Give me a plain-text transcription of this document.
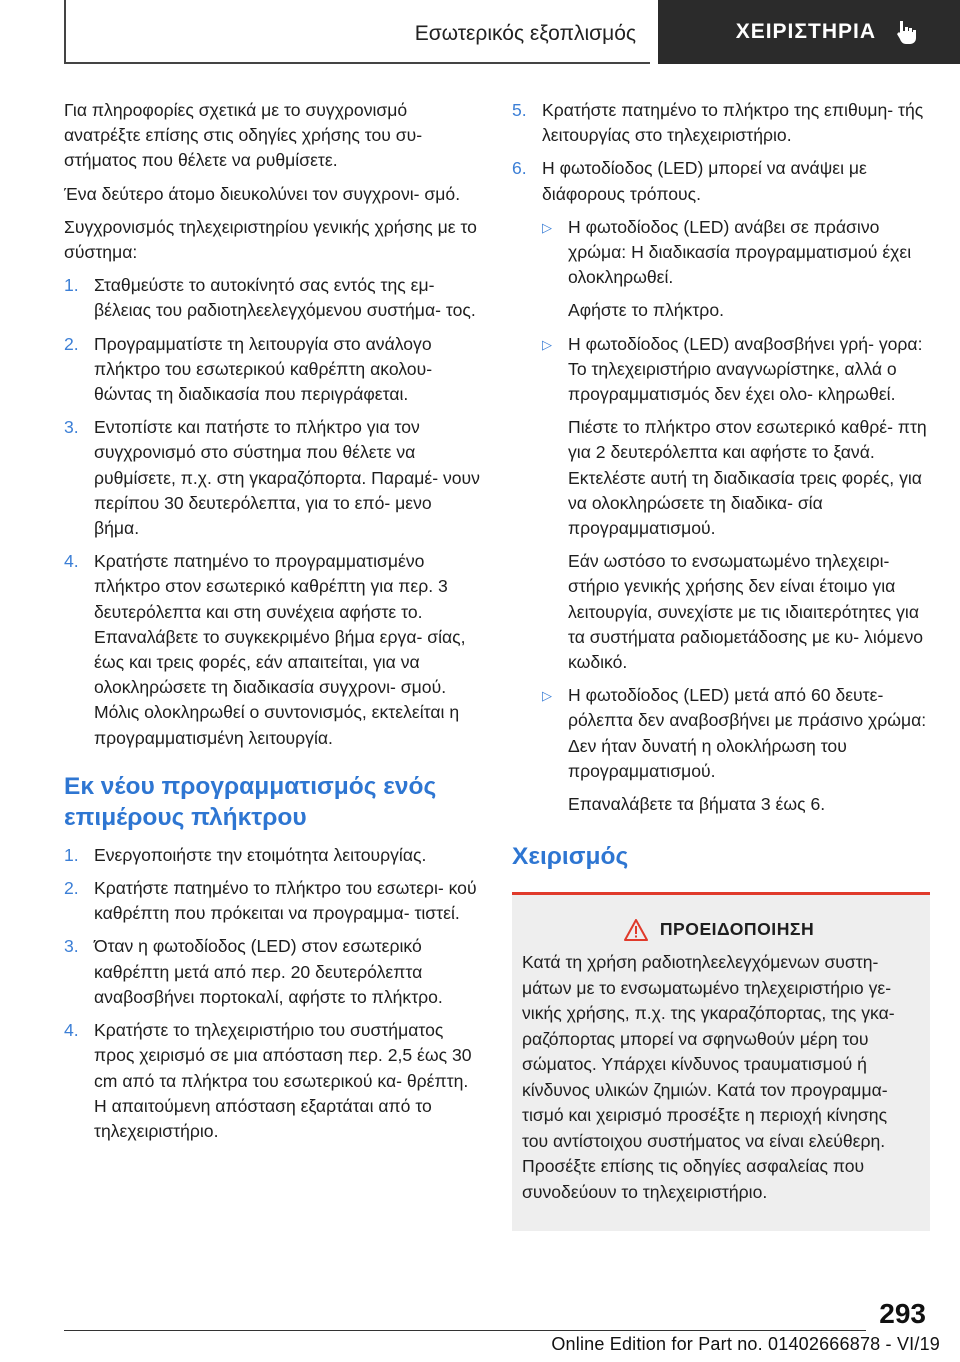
Εσωτερικός εξοπλισμός	ΧΕΙΡΙΣΤΗΡΙΑ

Για πληροφορίες σχετικά με το συγχρονισμό ανατρέξτε επίσης στις οδηγίες χρήσης του συ- στήματος που θέλετε να ρυθμίσετε.

Ένα δεύτερο άτομο διευκολύνει τον συγχρονι- σμό.

Συγχρονισμός τηλεχειριστηρίου γενικής χρήσης με το σύστημα:

1. Σταθμεύστε το αυτοκίνητό σας εντός της εμ- βέλειας του ραδιοτηλεελεγχόμενου συστήμα- τος.
2. Προγραμματίστε τη λειτουργία στο ανάλογο πλήκτρο του εσωτερικού καθρέπτη ακολου- θώντας τη διαδικασία που περιγράφεται.
3. Εντοπίστε και πατήστε το πλήκτρο για τον συγχρονισμό στο σύστημα που θέλετε να ρυθμίσετε, π.χ. στη γκαραζόπορτα. Παραμέ- νουν περίπου 30 δευτερόλεπτα, για το επό- μενο βήμα.
4. Κρατήστε πατημένο το προγραμματισμένο πλήκτρο στον εσωτερικό καθρέπτη για περ. 3 δευτερόλεπτα και στη συνέχεια αφήστε το. Επαναλάβετε το συγκεκριμένο βήμα εργα- σίας, έως και τρεις φορές, εάν απαιτείται, για να ολοκληρώσετε τη διαδικασία συγχρονι- σμού. Μόλις ολοκληρωθεί ο συντονισμός, εκτελείται η προγραμματισμένη λειτουργία.
Εκ νέου προγραμματισμός ενός επιμέρους πλήκτρου
1. Ενεργοποιήστε την ετοιμότητα λειτουργίας.
2. Κρατήστε πατημένο το πλήκτρο του εσωτερι- κού καθρέπτη που πρόκειται να προγραμμα- τιστεί.
3. Όταν η φωτοδίοδος (LED) στον εσωτερικό καθρέπτη μετά από περ. 20 δευτερόλεπτα αναβοσβήνει πορτοκαλί, αφήστε το πλήκτρο.
4. Κρατήστε το τηλεχειριστήριο του συστήματος προς χειρισμό σε μια απόσταση περ. 2,5 έως 30 cm από τα πλήκτρα του εσωτερικού κα- θρέπτη. Η απαιτούμενη απόσταση εξαρτάται από το τηλεχειριστήριο.
5. Κρατήστε πατημένο το πλήκτρο της επιθυμη- τής λειτουργίας στο τηλεχειριστήριο.
6. Η φωτοδίοδος (LED) μπορεί να ανάψει με διάφορους τρόπους.
▷ Η φωτοδίοδος (LED) ανάβει σε πράσινο χρώμα: Η διαδικασία προγραμματισμού έχει ολοκληρωθεί.

Αφήστε το πλήκτρο.

▷ Η φωτοδίοδος (LED) αναβοσβήνει γρή- γορα: Το τηλεχειριστήριο αναγνωρίστηκε, αλλά ο προγραμματισμός δεν έχει ολο- κληρωθεί.

Πιέστε το πλήκτρο στον εσωτερικό καθρέ- πτη για 2 δευτερόλεπτα και αφήστε το ξανά. Εκτελέστε αυτή τη διαδικασία τρεις φορές, για να ολοκληρώσετε τη διαδικα- σία προγραμματισμού.

Εάν ωστόσο το ενσωματωμένο τηλεχειρι- στήριο γενικής χρήσης δεν είναι έτοιμο για λειτουργία, συνεχίστε με τις ιδιαιτερότητες για τα συστήματα ραδιομετάδοσης με κυ- λιόμενο κωδικό.

▷ Η φωτοδίοδος (LED) μετά από 60 δευτε- ρόλεπτα δεν αναβοσβήνει με πράσινο χρώμα: Δεν ήταν δυνατή η ολοκλήρωση του προγραμματισμού.

Επαναλάβετε τα βήματα 3 έως 6.

Χειρισμός
ΠΡΟΕΙΔΟΠΟΙΗΣΗ

Κατά τη χρήση ραδιοτηλεελεγχόμενων συστη- μάτων με το ενσωματωμένο τηλεχειριστήριο γε- νικής χρήσης, π.χ. της γκαραζόπορτας, της γκα- ραζόπορτας μπορεί να σφηνωθούν μέρη του σώματος. Υπάρχει κίνδυνος τραυματισμού ή κίνδυνος υλικών ζημιών. Κατά τον προγραμμα- τισμό και χειρισμό προσέξτε η περιοχή κίνησης του αντίστοιχου συστήματος να είναι ελεύθερη. Προσέξτε επίσης τις οδηγίες ασφαλείας που συνοδεύουν το τηλεχειριστήριο.

293
Online Edition for Part no. 01402666878 - VI/19
